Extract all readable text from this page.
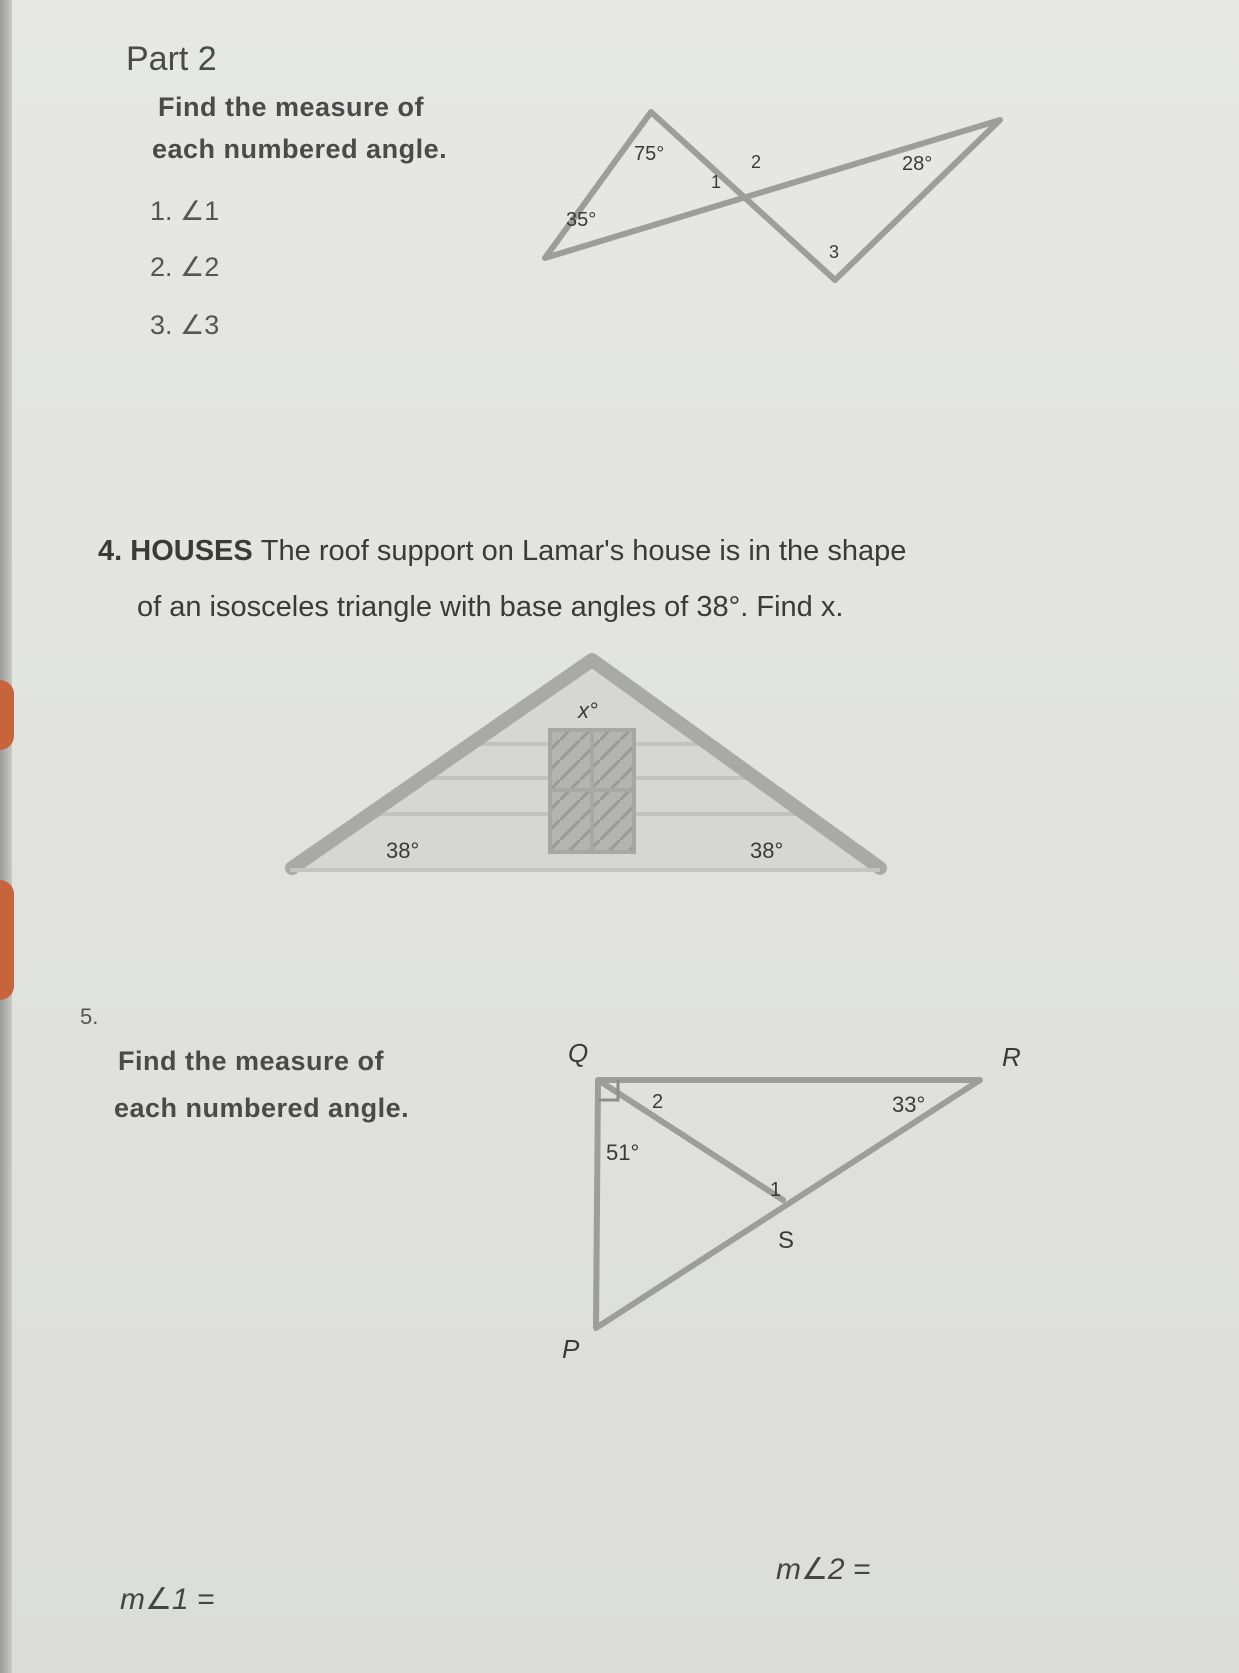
Part 2
Find the measure of
each numbered angle.
1. ∠1
2. ∠2
3. ∠3
75°
35°
28°
1
2
3
4. HOUSES The roof support on Lamar's house is in the shape
of an isosceles triangle with base angles of 38°. Find x.
x°
38°	38°
5.
Find the measure of
each numbered angle.
Q	R
S
P
51°
33°
2
1
m∠1 =
m∠2 =
